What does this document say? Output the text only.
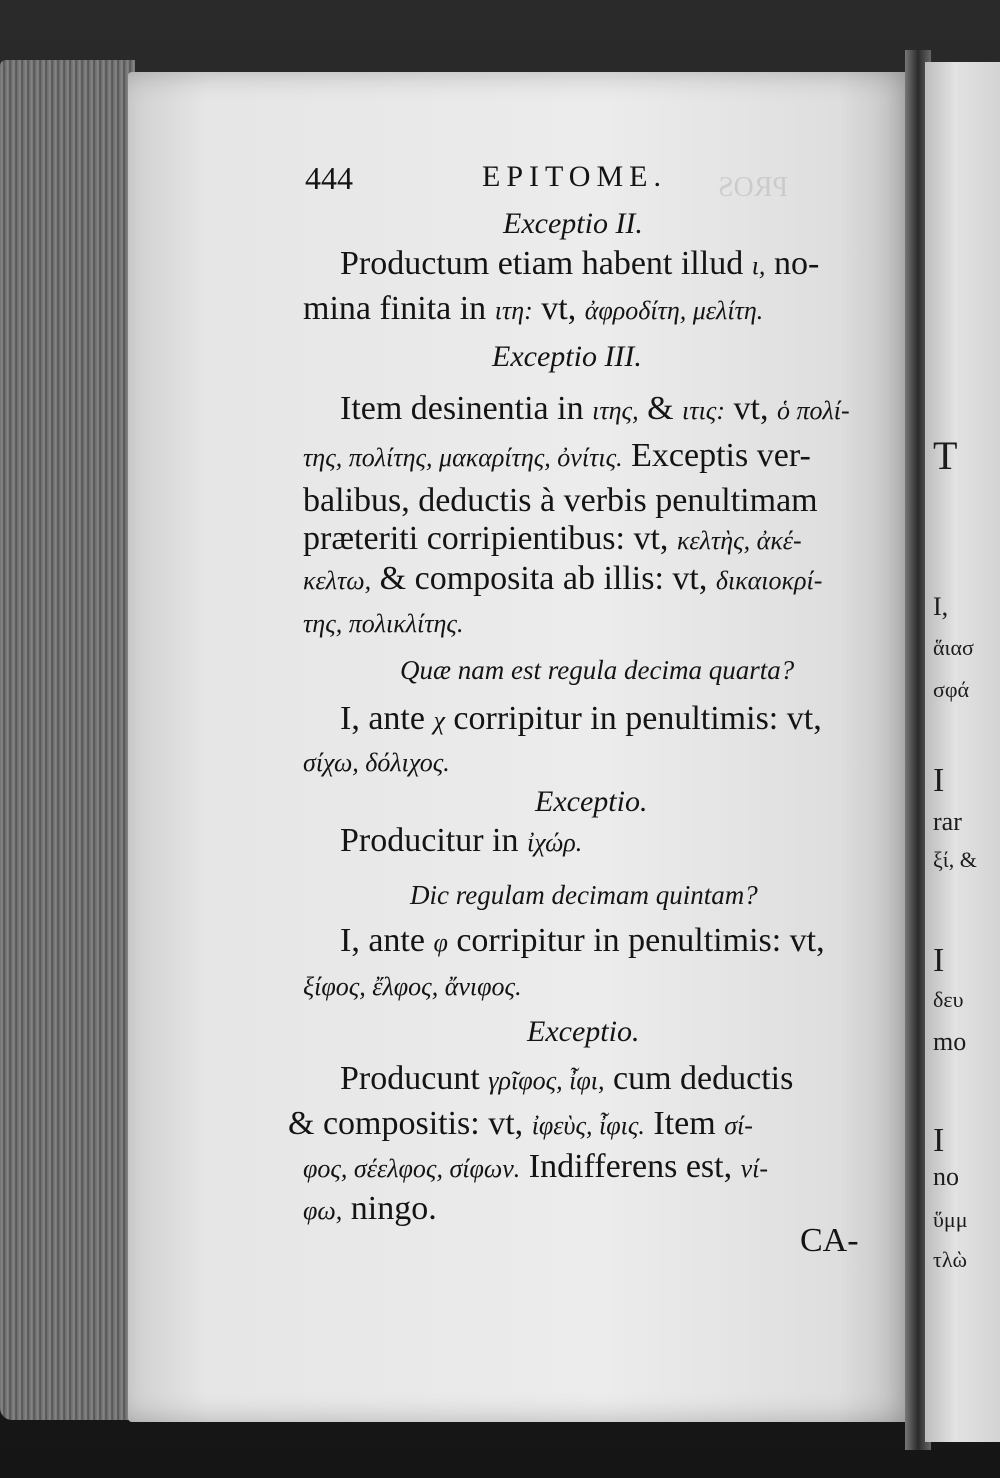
PROS
T
I,
ἅιασ
σφά
I
rar
ξί, &
I
δευ
mo
I
no
ὕμμ
τλὼ
444	EPITOME.
Exceptio II.
Productum etiam habent illud ι, no-
mina finita in ιτη: vt, ἀφροδίτη, μελίτη.
Exceptio III.
Item desinentia in ιτης, & ιτις: vt, ὁ πολί-
της, πολίτης, μακαρίτης, ὀνίτις. Exceptis ver-
balibus, deductis à verbis penultimam
præteriti corripientibus: vt, κελτὴς, ἀκέ-
κελτω, & composita ab illis: vt, δικαιοκρί-
της, πολικλίτης.
Quæ nam est regula decima quarta?
I, ante χ corripitur in penultimis: vt,
σίχω, δόλιχος.
Exceptio.
Producitur in ἰχώρ.
Dic regulam decimam quintam?
I, ante φ corripitur in penultimis: vt,
ξίφος, ἔλφος, ἄνιφος.
Exceptio.
Producunt γρῖφος, ἶφι, cum deductis
& compositis: vt, ἰφεὺς, ἶφις. Item σί-
φος, σέελφος, σίφων. Indifferens est, νί-
φω, ningo.
CA-
